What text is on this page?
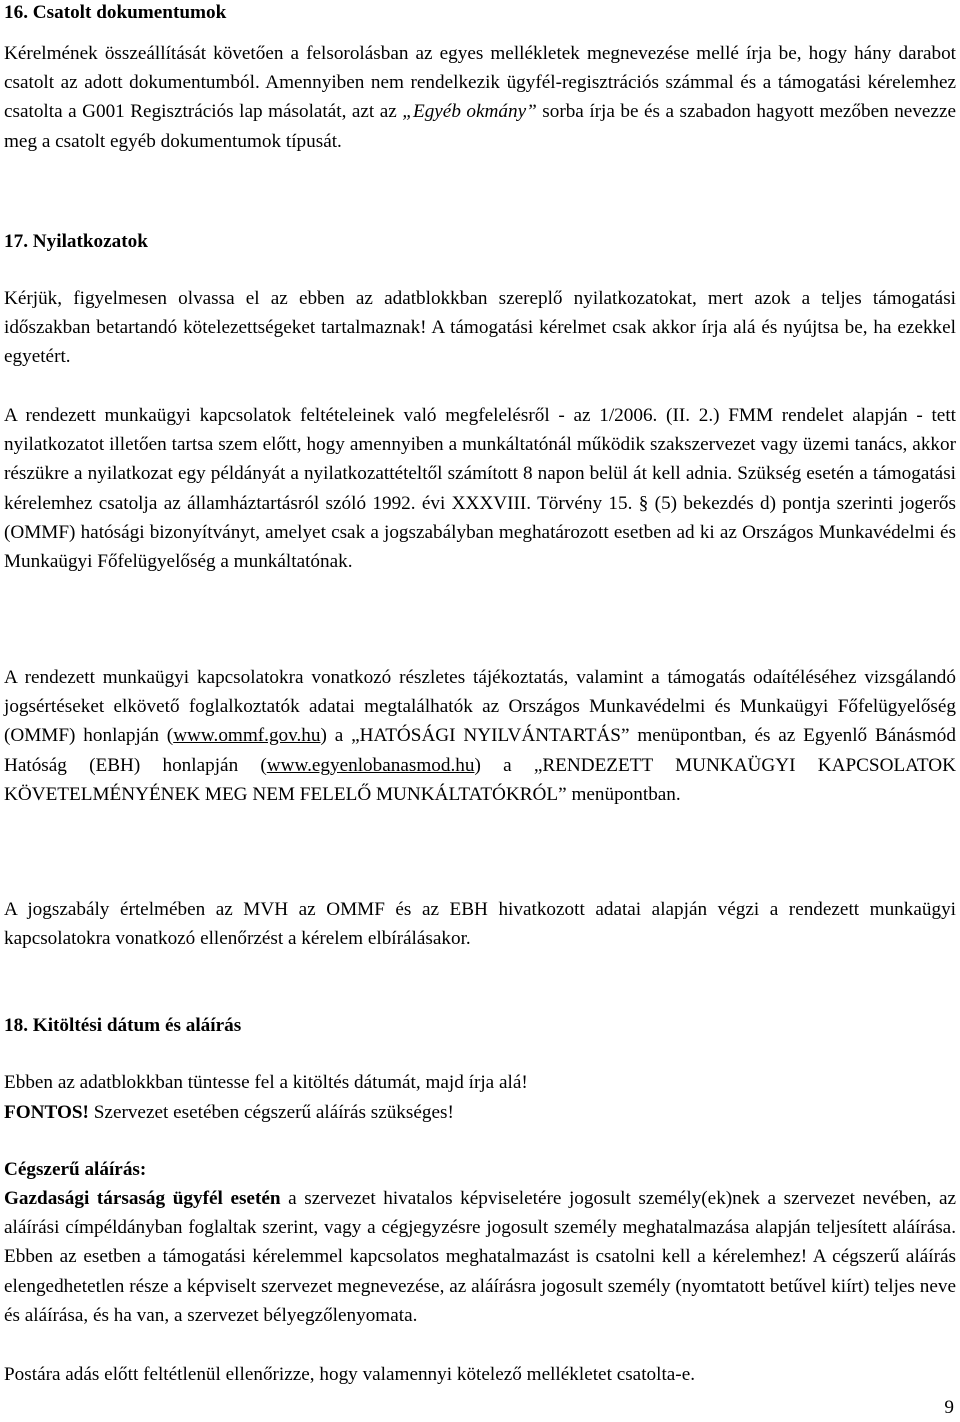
16. Csatolt dokumentumok

Kérelmének összeállítását követően a felsorolásban az egyes mellékletek megnevezése mellé írja be, hogy hány darabot csatolt az adott dokumentumból. Amennyiben nem rendelkezik ügyfél-regisztrációs számmal és a támogatási kérelemhez csatolta a G001 Regisztrációs lap másolatát, azt az „Egyéb okmány” sorba írja be és a szabadon hagyott mezőben nevezze meg a csatolt egyéb dokumentumok típusát.

17. Nyilatkozatok

Kérjük, figyelmesen olvassa el az ebben az adatblokkban szereplő nyilatkozatokat, mert azok a teljes támogatási időszakban betartandó kötelezettségeket tartalmaznak! A támogatási kérelmet csak akkor írja alá és nyújtsa be, ha ezekkel egyetért.

A rendezett munkaügyi kapcsolatok feltételeinek való megfelelésről - az 1/2006. (II. 2.) FMM rendelet alapján - tett nyilatkozatot illetően tartsa szem előtt, hogy amennyiben a munkáltatónál működik szakszervezet vagy üzemi tanács, akkor részükre a nyilatkozat egy példányát a nyilatkozattételtől számított 8 napon belül át kell adnia. Szükség esetén a támogatási kérelemhez csatolja az államháztartásról szóló 1992. évi XXXVIII. Törvény 15. § (5) bekezdés d) pontja szerinti jogerős (OMMF) hatósági bizonyítványt, amelyet csak a jogszabályban meghatározott esetben ad ki az Országos Munkavédelmi és Munkaügyi Főfelügyelőség a munkáltatónak.

A rendezett munkaügyi kapcsolatokra vonatkozó részletes tájékoztatás, valamint a támogatás odaítéléséhez vizsgálandó jogsértéseket elkövető foglalkoztatók adatai megtalálhatók az Országos Munkavédelmi és Munkaügyi Főfelügyelőség (OMMF) honlapján (www.ommf.gov.hu) a „HATÓSÁGI NYILVÁNTARTÁS” menüpontban, és az Egyenlő Bánásmód Hatóság (EBH) honlapján (www.egyenlobanasmod.hu) a „RENDEZETT MUNKAÜGYI KAPCSOLATOK KÖVETELMÉNYÉNEK MEG NEM FELELŐ MUNKÁLTATÓKRÓL” menüpontban.

A jogszabály értelmében az MVH az OMMF és az EBH hivatkozott adatai alapján végzi a rendezett munkaügyi kapcsolatokra vonatkozó ellenőrzést a kérelem elbírálásakor.

18. Kitöltési dátum és aláírás

Ebben az adatblokkban tüntesse fel a kitöltés dátumát, majd írja alá!

FONTOS! Szervezet esetében cégszerű aláírás szükséges!

Cégszerű aláírás:

Gazdasági társaság ügyfél esetén a szervezet hivatalos képviseletére jogosult személy(ek)nek a szervezet nevében, az aláírási címpéldányban foglaltak szerint, vagy a cégjegyzésre jogosult személy meghatalmazása alapján teljesített aláírása. Ebben az esetben a támogatási kérelemmel kapcsolatos meghatalmazást is csatolni kell a kérelemhez! A cégszerű aláírás elengedhetetlen része a képviselt szervezet megnevezése, az aláírásra jogosult személy (nyomtatott betűvel kiírt) teljes neve és aláírása, és ha van, a szervezet bélyegzőlenyomata.

Postára adás előtt feltétlenül ellenőrizze, hogy valamennyi kötelező mellékletet csatolta-e.

9
